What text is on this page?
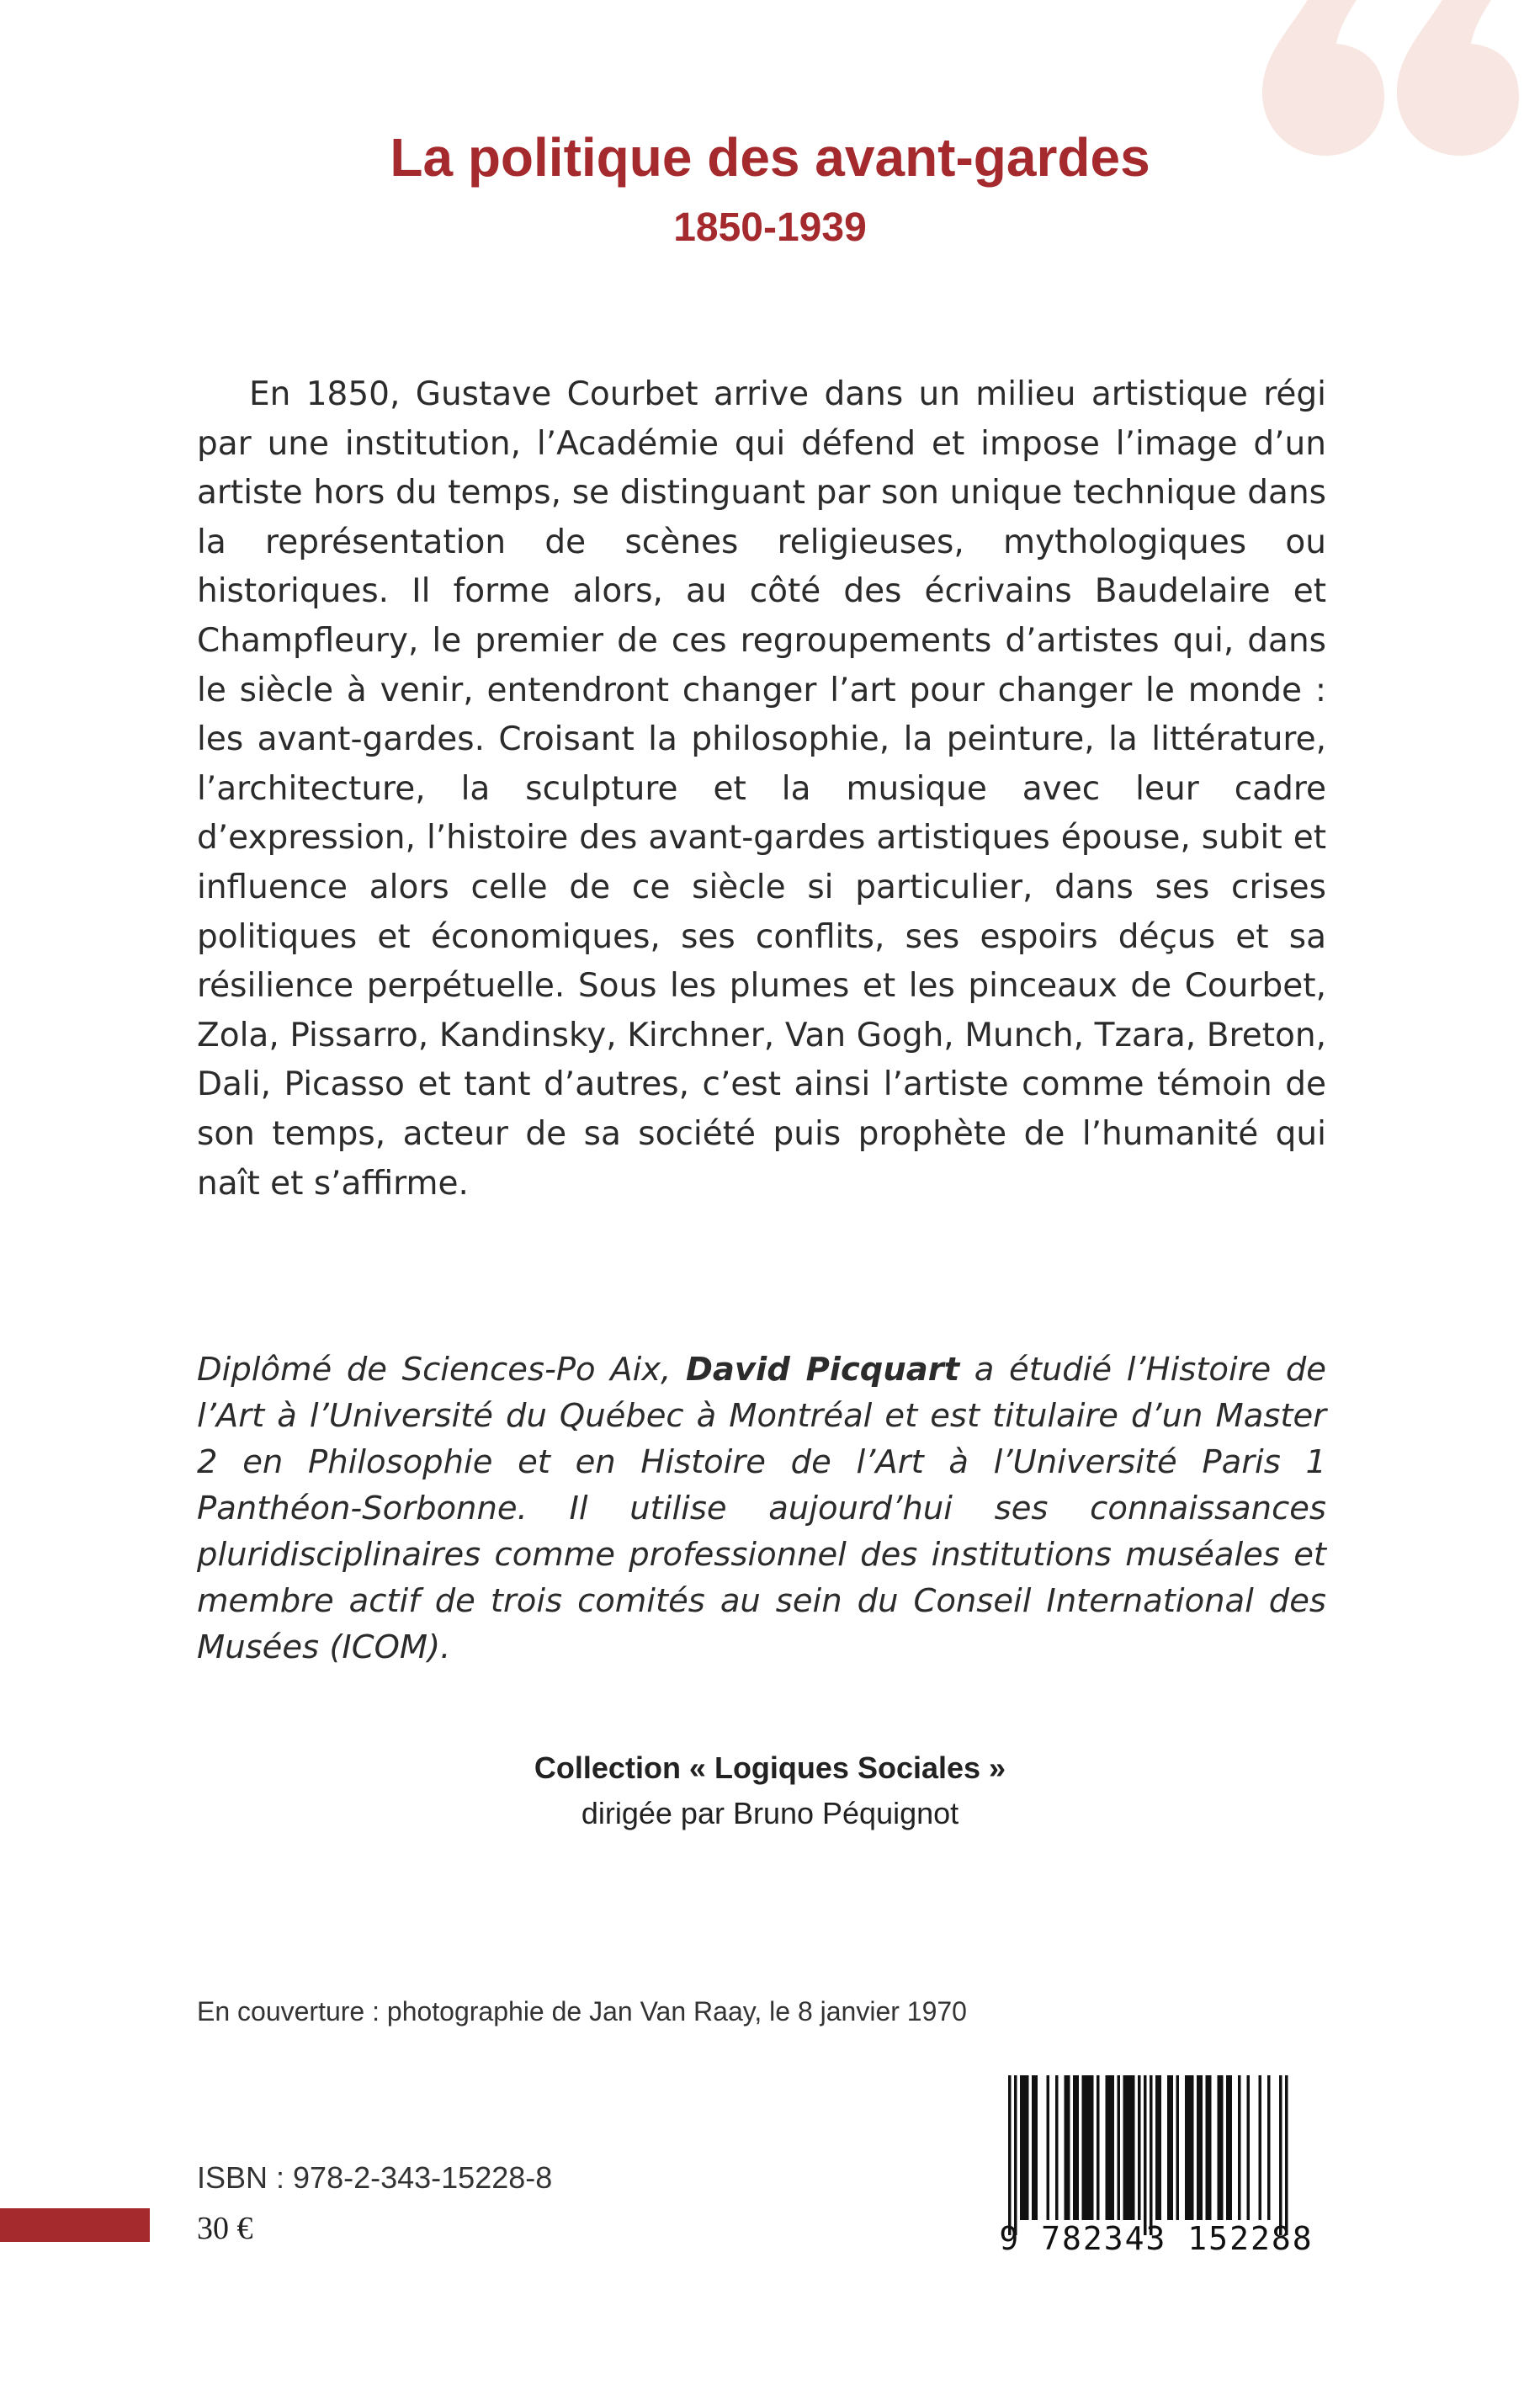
La politique des avant-gardes
1850-1939

En 1850, Gustave Courbet arrive dans un milieu artistique régi par une institution, l’Académie qui défend et impose l’image d’un artiste hors du temps, se distinguant par son unique technique dans la représentation de scènes religieuses, mythologiques ou historiques. Il forme alors, au côté des écrivains Baudelaire et Champfleury, le premier de ces regroupements d’artistes qui, dans le siècle à venir, entendront changer l’art pour changer le monde : les avant-gardes. Croisant la philosophie, la peinture, la littérature, l’architecture, la sculpture et la musique avec leur cadre d’expression, l’histoire des avant-gardes artistiques épouse, subit et influence alors celle de ce siècle si particulier, dans ses crises politiques et économiques, ses conflits, ses espoirs déçus et sa résilience perpétuelle. Sous les plumes et les pinceaux de Courbet, Zola, Pissarro, Kandinsky, Kirchner, Van Gogh, Munch, Tzara, Breton, Dali, Picasso et tant d’autres, c’est ainsi l’artiste comme témoin de son temps, acteur de sa société puis prophète de l’humanité qui naît et s’affirme.

Diplômé de Sciences-Po Aix, David Picquart a étudié l’Histoire de l’Art à l’Université du Québec à Montréal et est titulaire d’un Master 2 en Philosophie et en Histoire de l’Art à l’Université Paris 1 Panthéon-Sorbonne. Il utilise aujourd’hui ses connaissances pluridisciplinaires comme professionnel des institutions muséales et membre actif de trois comités au sein du Conseil International des Musées (ICOM).

Collection « Logiques Sociales »
dirigée par Bruno Péquignot
En couverture : photographie de Jan Van Raay, le 8 janvier 1970
ISBN : 978-2-343-15228-8
30 €	9 782343 152288
